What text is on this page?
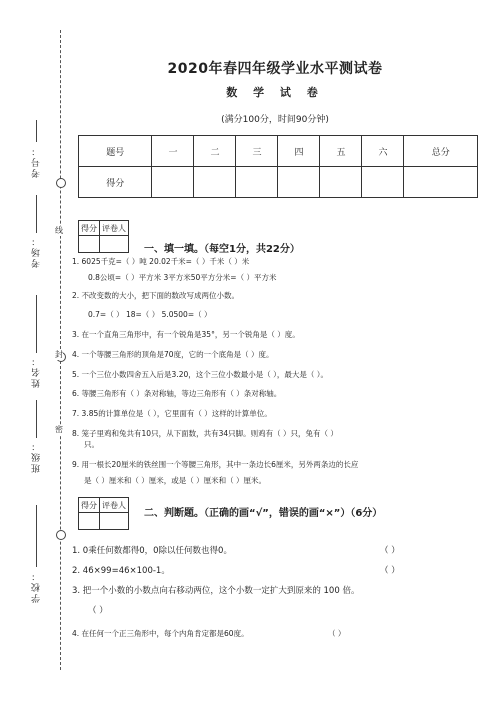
线
封
密
考号：
考场：
姓名：
班级：
学校：
2020年春四年级学业水平测试卷
数 学 试 卷
(满分100分，时间90分钟)
题号	一	二	三	四	五	六	总分
得分							
得分	评卷人

一、填一填。（每空1分，共22分）
1. 6025千克=（ ）吨 20.02千米=（ ）千米（ ）米
0.8公顷=（ ）平方米 3平方米50平方分米=（ ）平方米
2. 不改变数的大小，把下面的数改写成两位小数。
0.7=（ ） 18=（ ） 5.0500=（ ）
3. 在一个直角三角形中，有一个锐角是35°，另一个锐角是（ ）度。
4. 一个等腰三角形的顶角是70度，它的一个底角是（ ）度。
5. 一个三位小数四舍五入后是3.20，这个三位小数最小是（ ），最大是（ ）。
6. 等腰三角形有（ ）条对称轴，等边三角形有（ ）条对称轴。
7. 3.85的计算单位是（ ），它里面有（ ）这样的计算单位。
8. 笼子里鸡和兔共有10只，从下面数，共有34只脚。则鸡有（ ）只，兔有（ ）
只。
9. 用一根长20厘米的铁丝围一个等腰三角形，其中一条边长6厘米，另外两条边的长应
是（ ）厘米和（ ）厘米，或是（ ）厘米和（ ）厘米。
得分	评卷人

二、判断题。（正确的画“√”，错误的画“×”）（6分）
1. 0乘任何数都得0，0除以任何数也得0。	（ ）
2. 46×99=46×100-1。	（ ）
3. 把一个小数的小数点向右移动两位，这个小数一定扩大到原来的 100 倍。
（ ）
4. 在任何一个正三角形中，每个内角肯定都是60度。	（ ）
